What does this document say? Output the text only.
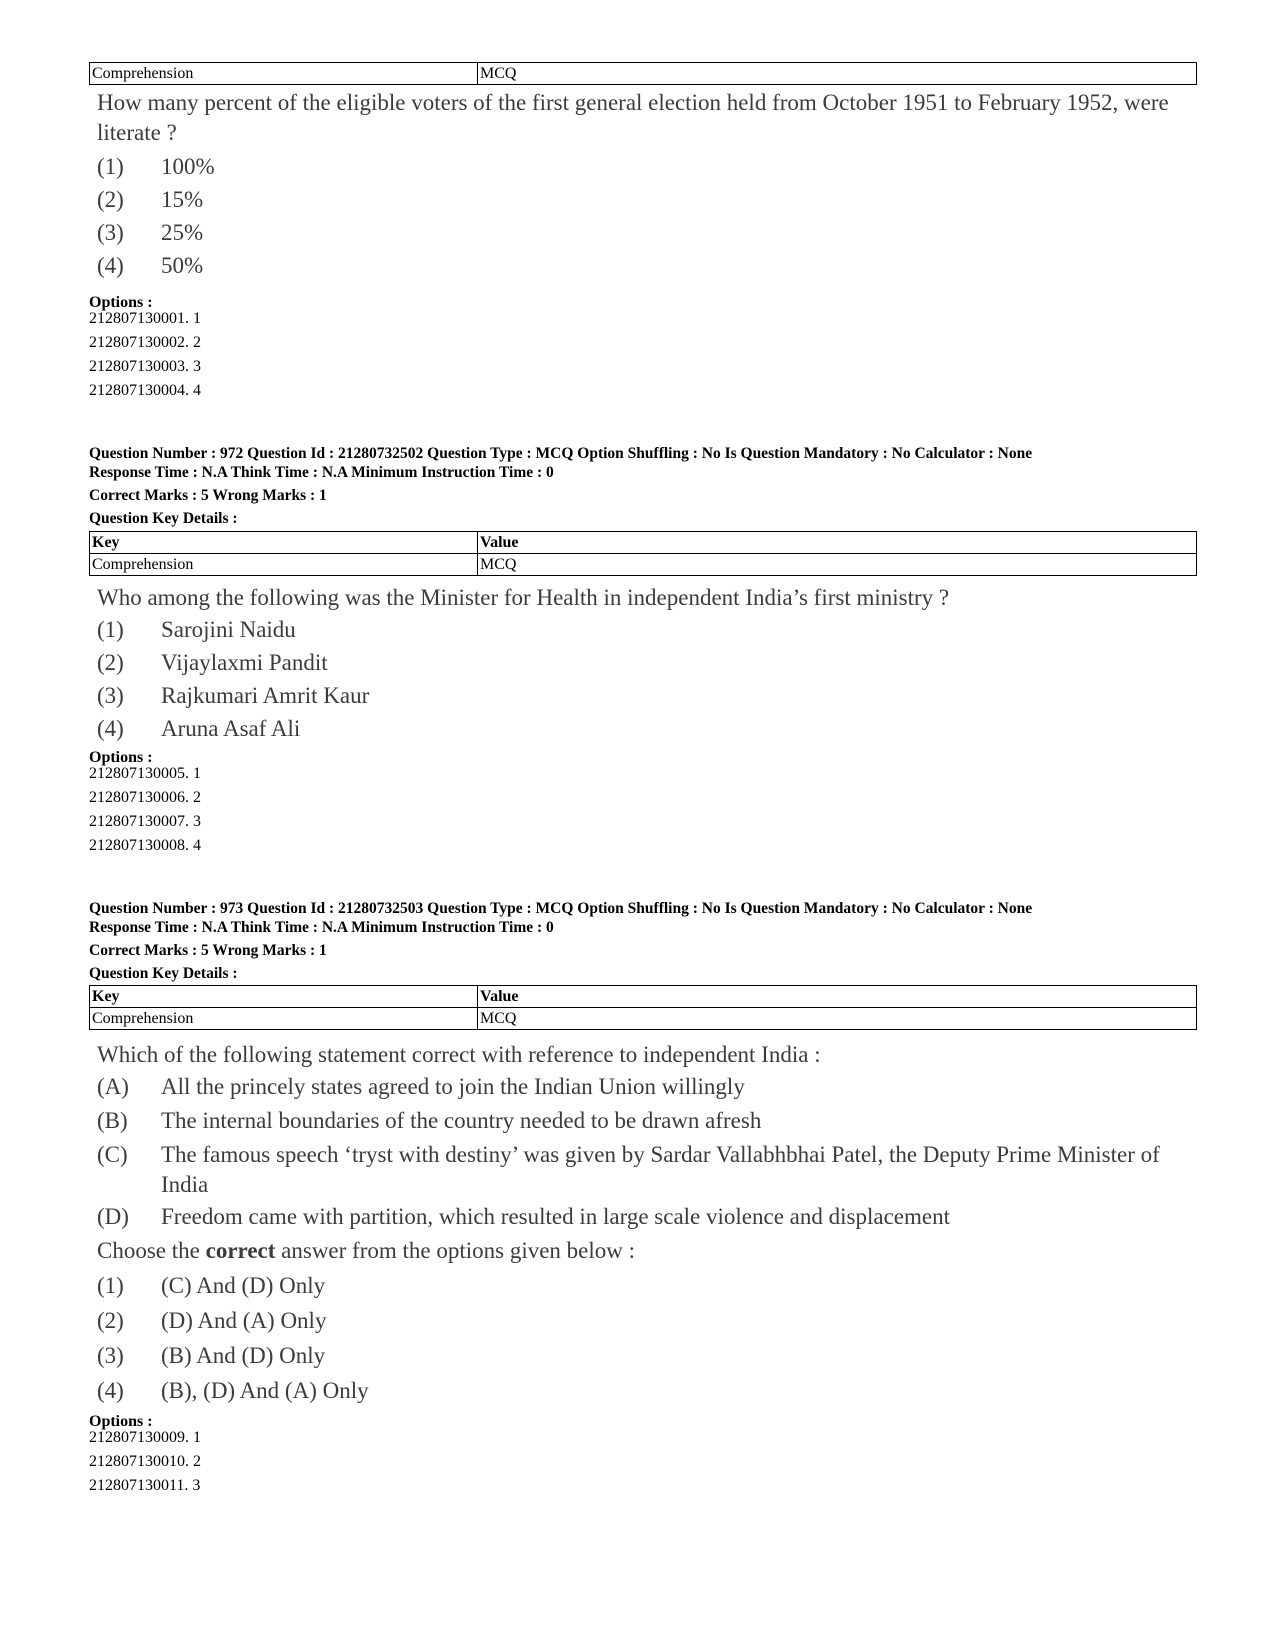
Comprehension	MCQ
How many percent of the eligible voters of the first general election held from October 1951 to February 1952, were literate ?
(1)	100%
(2)	15%
(3)	25%
(4)	50%
Options :
212807130001. 1
212807130002. 2
212807130003. 3
212807130004. 4
Question Number : 972 Question Id : 21280732502 Question Type : MCQ Option Shuffling : No Is Question Mandatory : No Calculator : None
Response Time : N.A Think Time : N.A Minimum Instruction Time : 0
Correct Marks : 5 Wrong Marks : 1
Question Key Details :
Key	Value
Comprehension	MCQ
Who among the following was the Minister for Health in independent India’s first ministry ?
(1)	Sarojini Naidu
(2)	Vijaylaxmi Pandit
(3)	Rajkumari Amrit Kaur
(4)	Aruna Asaf Ali
Options :
212807130005. 1
212807130006. 2
212807130007. 3
212807130008. 4
Question Number : 973 Question Id : 21280732503 Question Type : MCQ Option Shuffling : No Is Question Mandatory : No Calculator : None
Response Time : N.A Think Time : N.A Minimum Instruction Time : 0
Correct Marks : 5 Wrong Marks : 1
Question Key Details :
Key	Value
Comprehension	MCQ
Which of the following statement correct with reference to independent India :
(A)	All the princely states agreed to join the Indian Union willingly
(B)	The internal boundaries of the country needed to be drawn afresh
(C)	The famous speech ‘tryst with destiny’ was given by Sardar Vallabhbhai Patel, the Deputy Prime Minister of India
(D)	Freedom came with partition, which resulted in large scale violence and displacement
Choose the correct answer from the options given below :
(1)	(C) And (D) Only
(2)	(D) And (A) Only
(3)	(B) And (D) Only
(4)	(B), (D) And (A) Only
Options :
212807130009. 1
212807130010. 2
212807130011. 3
